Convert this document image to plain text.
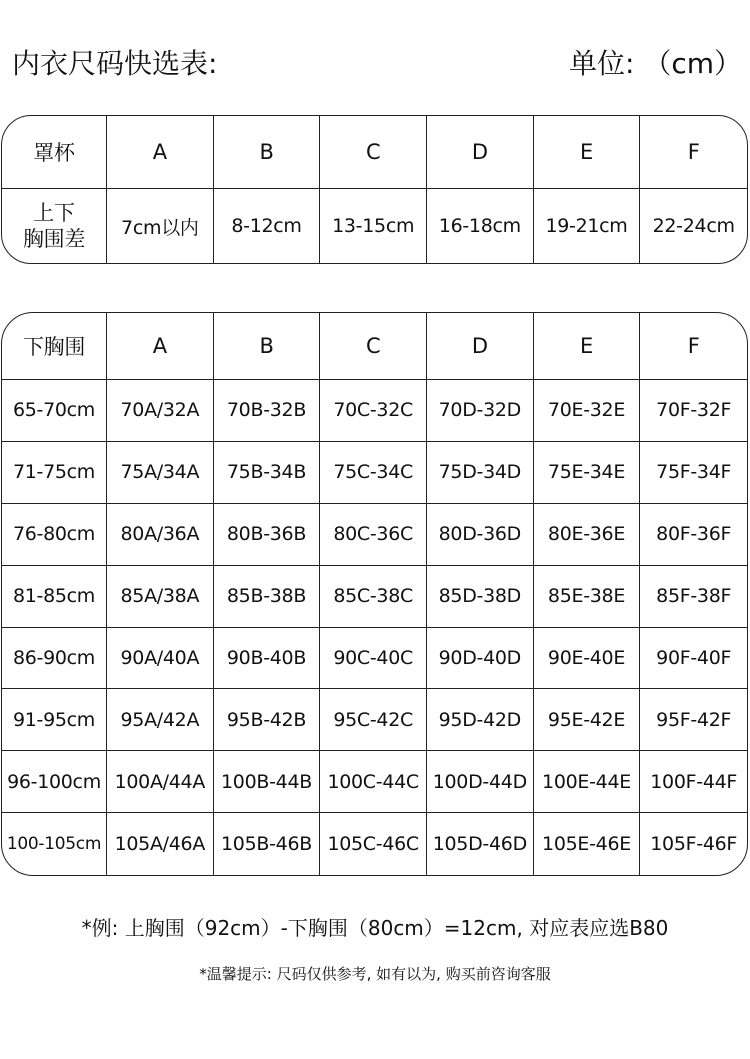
内衣尺码快选表:	单位: （cm）
罩杯	A	B	C	D	E	F
上下
胸围差	7cm以内	8-12cm	13-15cm	16-18cm	19-21cm	22-24cm
下胸围	A	B	C	D	E	F
65-70cm	70A/32A	70B-32B	70C-32C	70D-32D	70E-32E	70F-32F
71-75cm	75A/34A	75B-34B	75C-34C	75D-34D	75E-34E	75F-34F
76-80cm	80A/36A	80B-36B	80C-36C	80D-36D	80E-36E	80F-36F
81-85cm	85A/38A	85B-38B	85C-38C	85D-38D	85E-38E	85F-38F
86-90cm	90A/40A	90B-40B	90C-40C	90D-40D	90E-40E	90F-40F
91-95cm	95A/42A	95B-42B	95C-42C	95D-42D	95E-42E	95F-42F
96-100cm 100A/44A 100B-44B 100C-44C 100D-44D 100E-44E	100F-44F
100-105cm 105A/46A 105B-46B 105C-46C 105D-46D 105E-46E	105F-46F
*例: 上胸围（92cm）-下胸围（80cm）=12cm, 对应表应选B80
*温馨提示: 尺码仅供参考, 如有以为, 购买前咨询客服
